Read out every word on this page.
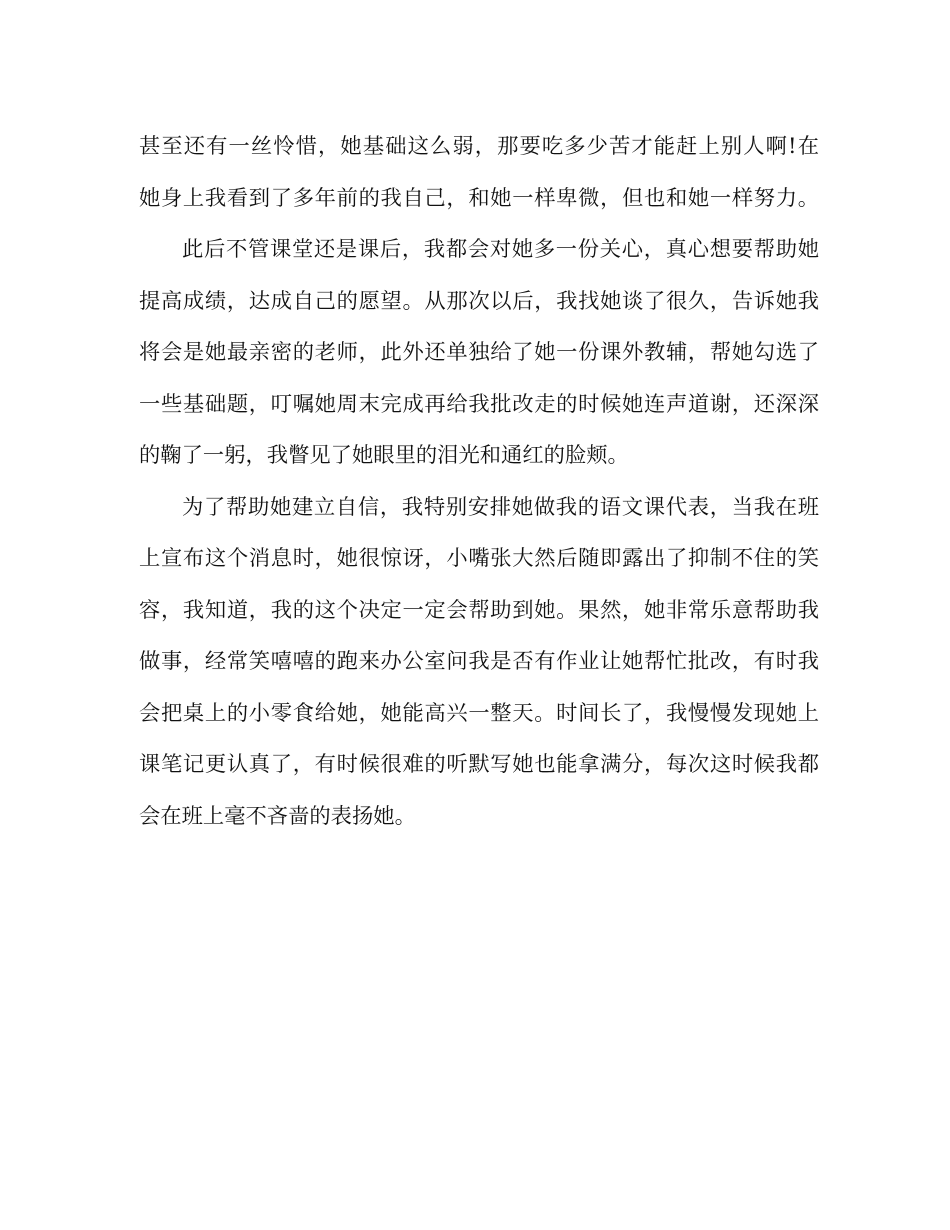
甚至还有一丝怜惜，她基础这么弱，那要吃多少苦才能赶上别人啊!在
她身上我看到了多年前的我自己，和她一样卑微，但也和她一样努力。
此后不管课堂还是课后，我都会对她多一份关心，真心想要帮助她
提高成绩，达成自己的愿望。从那次以后，我找她谈了很久，告诉她我
将会是她最亲密的老师，此外还单独给了她一份课外教辅，帮她勾选了
一些基础题，叮嘱她周末完成再给我批改走的时候她连声道谢，还深深
的鞠了一躬，我瞥见了她眼里的泪光和通红的脸颊。
为了帮助她建立自信，我特别安排她做我的语文课代表，当我在班
上宣布这个消息时，她很惊讶，小嘴张大然后随即露出了抑制不住的笑
容，我知道，我的这个决定一定会帮助到她。果然，她非常乐意帮助我
做事，经常笑嘻嘻的跑来办公室问我是否有作业让她帮忙批改，有时我
会把桌上的小零食给她，她能高兴一整天。时间长了，我慢慢发现她上
课笔记更认真了，有时候很难的听默写她也能拿满分，每次这时候我都
会在班上毫不吝啬的表扬她。
